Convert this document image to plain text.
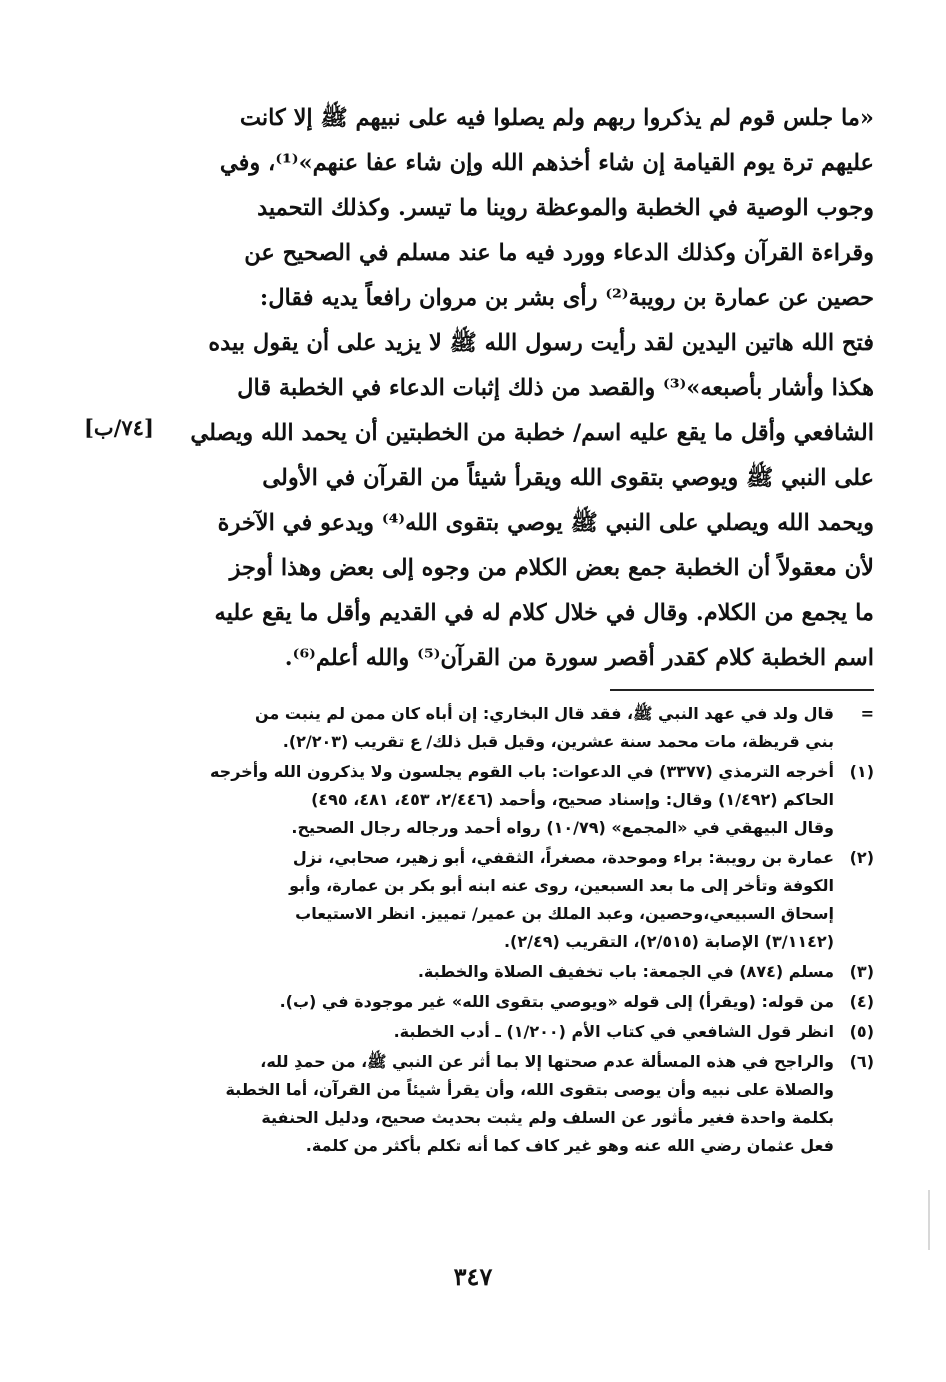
«ما جلس قوم لم يذكروا ربهم ولم يصلوا فيه على نبيهم ﷺ إلا كانت
عليهم ترة يوم القيامة إن شاء أخذهم الله وإن شاء عفا عنهم»⁽¹⁾، وفي
وجوب الوصية في الخطبة والموعظة روينا ما تيسر. وكذلك التحميد
وقراءة القرآن وكذلك الدعاء وورد فيه ما عند مسلم في الصحيح عن
حصين عن عمارة بن رويبة⁽²⁾ رأى بشر بن مروان رافعاً يديه فقال:
فتح الله هاتين اليدين لقد رأيت رسول الله ﷺ لا يزيد على أن يقول بيده
هكذا وأشار بأصبعه»⁽³⁾ والقصد من ذلك إثبات الدعاء في الخطبة قال
الشافعي وأقل ما يقع عليه اسم/ خطبة من الخطبتين أن يحمد الله ويصلي
على النبي ﷺ ويوصي بتقوى الله ويقرأ شيئاً من القرآن في الأولى
ويحمد الله ويصلي على النبي ﷺ يوصي بتقوى الله⁽⁴⁾ ويدعو في الآخرة
لأن معقولاً أن الخطبة جمع بعض الكلام من وجوه إلى بعض وهذا أوجز
ما يجمع من الكلام. وقال في خلال كلام له في القديم وأقل ما يقع عليه
اسم الخطبة كلام كقدر أقصر سورة من القرآن⁽⁵⁾ والله أعلم⁽⁶⁾.
[٧٤/ب]
=
قال ولد في عهد النبي ﷺ، فقد قال البخاري: إن أباه كان ممن لم ينبت من
بني قريظة، مات محمد سنة عشرين، وقيل قبل ذلك/ ع تقريب (٢/٢٠٣).
(١)
أخرجه الترمذي (٣٣٧٧) في الدعوات: باب القوم يجلسون ولا يذكرون الله وأخرجه
الحاكم (١/٤٩٢) وقال: وإسناد صحيح، وأحمد (٢/٤٤٦، ٤٥٣، ٤٨١، ٤٩٥)
وقال البيهقي في «المجمع» (١٠/٧٩) رواه أحمد ورجاله رجال الصحيح.
(٢)
عمارة بن رويبة: براء وموحدة، مصغراً، الثقفي، أبو زهير، صحابي، نزل
الكوفة وتأخر إلى ما بعد السبعين، روى عنه ابنه أبو بكر بن عمارة، وأبو
إسحاق السبيعي،وحصين، وعبد الملك بن عمير/ تمييز. انظر الاستيعاب
(٣/١١٤٢) الإصابة (٢/٥١٥)، التقريب (٢/٤٩).
(٣)
مسلم (٨٧٤) في الجمعة: باب تخفيف الصلاة والخطبة.
(٤)
من قوله: (ويقرأ) إلى قوله «ويوصي بتقوى الله» غير موجودة في (ب).
(٥)
انظر قول الشافعي في كتاب الأم (١/٢٠٠) ـ أدب الخطبة.
(٦)
والراجح في هذه المسألة عدم صحتها إلا بما أثر عن النبي ﷺ، من حمدِ لله،
والصلاة على نبيه وأن يوصى بتقوى الله، وأن يقرأ شيئاً من القرآن، أما الخطبة
بكلمة واحدة فغير مأثور عن السلف ولم يثبت بحديث صحيح، ودليل الحنفية
فعل عثمان رضي الله عنه وهو غير كاف كما أنه تكلم بأكثر من كلمة.
٣٤٧
